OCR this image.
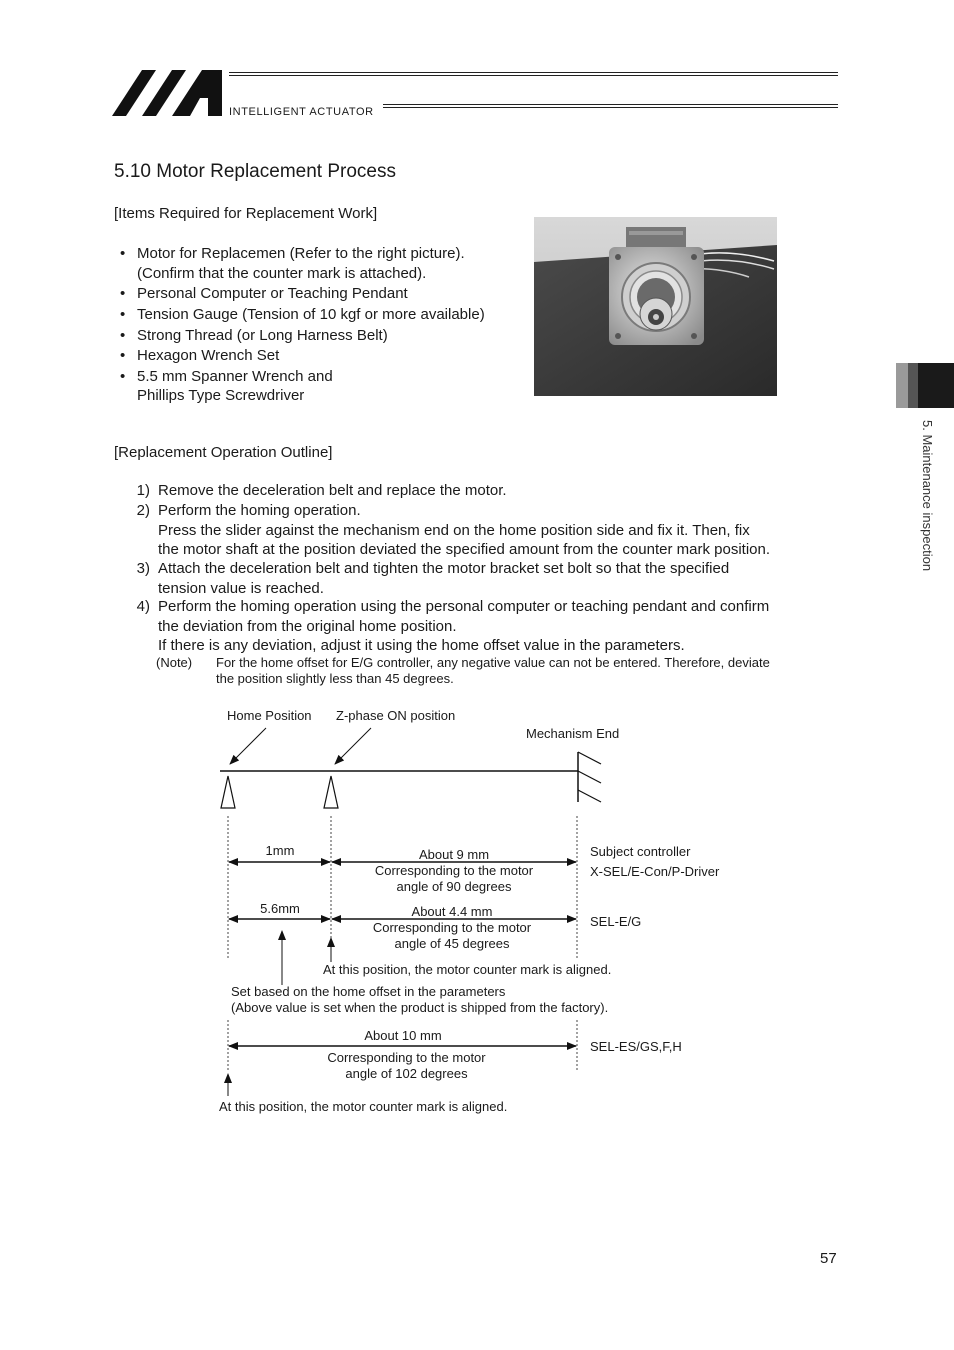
INTELLIGENT ACTUATOR
5. Maintenance inspection
5.10 Motor Replacement Process
[Items Required for Replacement Work]
• Motor for Replacemen (Refer to the right picture).
(Confirm that the counter mark is attached).
• Personal Computer or Teaching Pendant
• Tension Gauge (Tension of 10 kgf or more available)
• Strong Thread (or Long Harness Belt)
• Hexagon Wrench Set
• 5.5 mm Spanner Wrench and
Phillips Type Screwdriver
[Replacement Operation Outline]
1) Remove the deceleration belt and replace the motor.
2) Perform the homing operation.
Press the slider against the mechanism end on the home position side and fix it. Then, fix
the motor shaft at the position deviated the specified amount from the counter mark position.
3) Attach the deceleration belt and tighten the motor bracket set bolt so that the specified
tension value is reached.
4) Perform the homing operation using the personal computer or teaching pendant and confirm
the deviation from the original home position.
If there is any deviation, adjust it using the home offset value in the parameters.
(Note) For the home offset for E/G controller, any negative value can not be entered. Therefore, deviate
the position slightly less than 45 degrees.
Home Position Z-phase ON position
Mechanism End
1mm	About 9 mm
Corresponding to the motor
angle of 90 degrees
Subject controller
X-SEL/E-Con/P-Driver
5.6mm	About 4.4 mm
Corresponding to the motor
angle of 45 degrees
SEL-E/G
At this position, the motor counter mark is aligned.
Set based on the home offset in the parameters
(Above value is set when the product is shipped from the factory).
About 10 mm
Corresponding to the motor
angle of 102 degrees
SEL-ES/GS,F,H
At this position, the motor counter mark is aligned.
57
